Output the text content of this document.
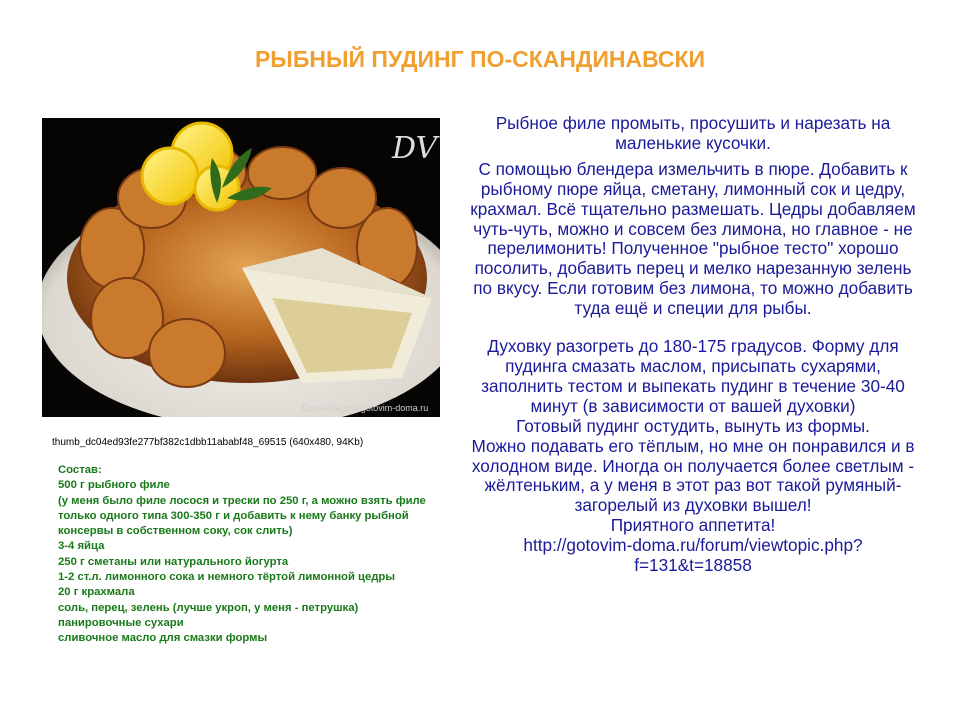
РЫБНЫЙ ПУДИНГ ПО-СКАНДИНАВСКИ
DV
DolceVita для gotovim-doma.ru
thumb_dc04ed93fe277bf382c1dbb11ababf48_69515 (640x480, 94Kb)
Состав:
500 г рыбного филе
(у меня было филе лосося и трески по 250 г, а можно взять филе только одного типа 300-350 г и добавить к нему банку рыбной консервы в собственном соку, сок слить)
3-4 яйца
250 г сметаны или натурального йогурта
1-2 ст.л. лимонного сока и немного тёртой лимонной цедры
20 г крахмала
соль, перец, зелень (лучше укроп, у меня - петрушка)
панировочные сухари
сливочное масло для смазки формы

Рыбное филе промыть, просушить и нарезать на маленькие кусочки.

С помощью блендера измельчить в пюре. Добавить к рыбному пюре яйца, сметану, лимонный сок и цедру, крахмал. Всё тщательно размешать. Цедры добавляем чуть-чуть, можно и совсем без лимона, но главное - не перелимонить! Полученное "рыбное тесто" хорошо посолить, добавить перец и мелко нарезанную зелень по вкусу. Если готовим без лимона, то можно добавить туда ещё и специи для рыбы.

Духовку разогреть до 180-175 градусов. Форму для пудинга смазать маслом, присыпать сухарями, заполнить тестом и выпекать пудинг в течение 30-40 минут (в зависимости от вашей духовки)

Готовый пудинг остудить, вынуть из формы.

Можно подавать его тёплым, но мне он понравился и в холодном виде. Иногда он получается более светлым - жёлтеньким, а у меня в этот раз вот такой румяный-загорелый из духовки вышел!

Приятного аппетита!

http://gotovim-doma.ru/forum/viewtopic.php?f=131&t=18858
